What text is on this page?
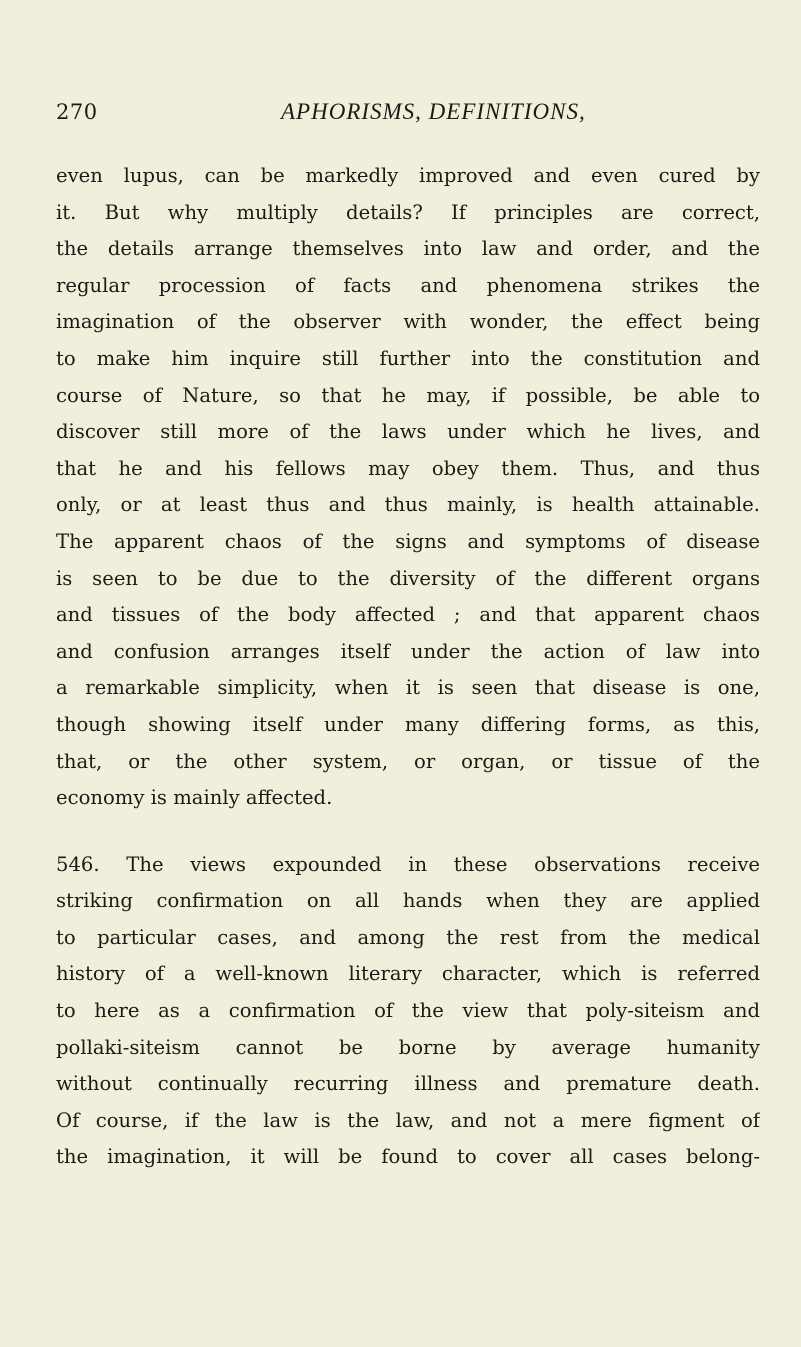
270	APHORISMS, DEFINITIONS,
even lupus, can be markedly improved and even cured by
it. But why multiply details? If principles are correct,
the details arrange themselves into law and order, and the
regular procession of facts and phenomena strikes the
imagination of the observer with wonder, the effect being
to make him inquire still further into the constitution and
course of Nature, so that he may, if possible, be able to
discover still more of the laws under which he lives, and
that he and his fellows may obey them. Thus, and thus
only, or at least thus and thus mainly, is health attainable.
The apparent chaos of the signs and symptoms of disease
is seen to be due to the diversity of the different organs
and tissues of the body affected ; and that apparent chaos
and confusion arranges itself under the action of law into
a remarkable simplicity, when it is seen that disease is one,
though showing itself under many differing forms, as this,
that, or the other system, or organ, or tissue of the
economy is mainly affected.
546. The views expounded in these observations receive
striking confirmation on all hands when they are applied
to particular cases, and among the rest from the medical
history of a well-known literary character, which is referred
to here as a confirmation of the view that poly-siteism and
pollaki-siteism cannot be borne by average humanity
without continually recurring illness and premature death.
Of course, if the law is the law, and not a mere figment of
the imagination, it will be found to cover all cases belong-
